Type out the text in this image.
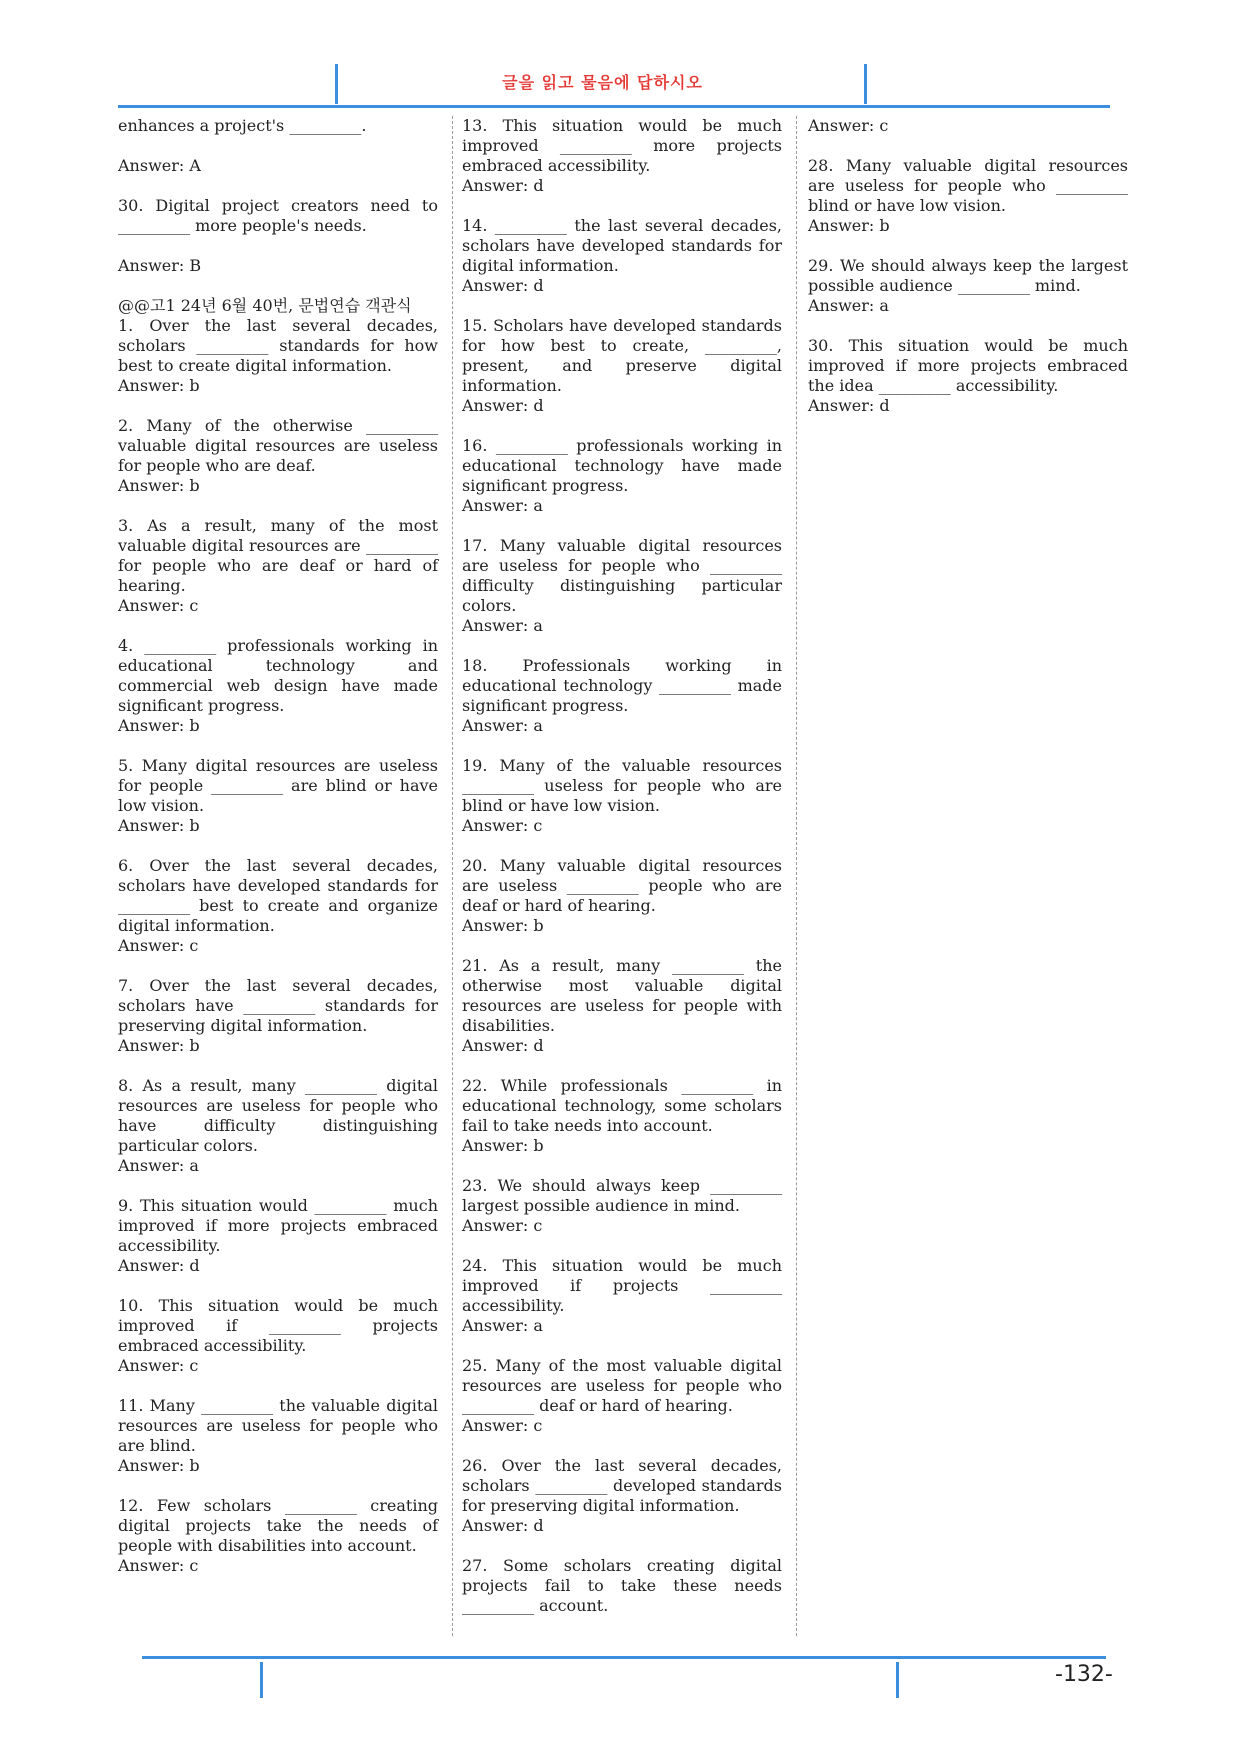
글을 읽고 물음에 답하시오

enhances a project's _________.

Answer: A

30. Digital project creators need to _________ more people's needs.

Answer: B

@@고1 24년 6월 40번, 문법연습 객관식
1. Over the last several decades, scholars _________ standards for how best to create digital information.

Answer: b

2. Many of the otherwise _________ valuable digital resources are useless for people who are deaf.

Answer: b

3. As a result, many of the most valuable digital resources are _________ for people who are deaf or hard of hearing.

Answer: c

4. _________ professionals working in educational technology and commercial web design have made significant progress.

Answer: b

5. Many digital resources are useless for people _________ are blind or have low vision.

Answer: b

6. Over the last several decades, scholars have developed standards for _________ best to create and organize digital information.

Answer: c

7. Over the last several decades, scholars have _________ standards for preserving digital information.

Answer: b

8. As a result, many _________ digital resources are useless for people who have difficulty distinguishing particular colors.

Answer: a

9. This situation would _________ much improved if more projects embraced accessibility.

Answer: d

10. This situation would be much improved if _________ projects embraced accessibility.

Answer: c

11. Many _________ the valuable digital resources are useless for people who are blind.

Answer: b

12. Few scholars _________ creating digital projects take the needs of people with disabilities into account.

Answer: c

13. This situation would be much improved _________ more projects embraced accessibility.

Answer: d

14. _________ the last several decades, scholars have developed standards for digital information.

Answer: d

15. Scholars have developed standards for how best to create, _________, present, and preserve digital information.

Answer: d

16. _________ professionals working in educational technology have made significant progress.

Answer: a

17. Many valuable digital resources are useless for people who _________ difficulty distinguishing particular colors.

Answer: a

18. Professionals working in educational technology _________ made significant progress.

Answer: a

19. Many of the valuable resources _________ useless for people who are blind or have low vision.

Answer: c

20. Many valuable digital resources are useless _________ people who are deaf or hard of hearing.

Answer: b

21. As a result, many _________ the otherwise most valuable digital resources are useless for people with disabilities.

Answer: d

22. While professionals _________ in educational technology, some scholars fail to take needs into account.

Answer: b

23. We should always keep _________ largest possible audience in mind.

Answer: c

24. This situation would be much improved if projects _________ accessibility.

Answer: a

25. Many of the most valuable digital resources are useless for people who _________ deaf or hard of hearing.

Answer: c

26. Over the last several decades, scholars _________ developed standards for preserving digital information.

Answer: d

27. Some scholars creating digital projects fail to take these needs _________ account.

Answer: c

28. Many valuable digital resources are useless for people who _________ blind or have low vision.

Answer: b

29. We should always keep the largest possible audience _________ mind.

Answer: a

30. This situation would be much improved if more projects embraced the idea _________ accessibility.

Answer: d

-132-
